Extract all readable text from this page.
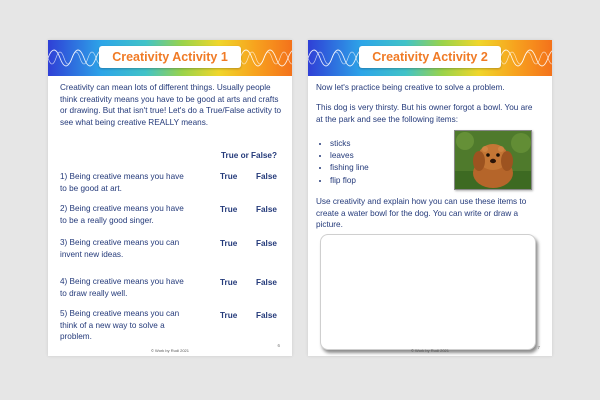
Creativity Activity 1
Creativity can mean lots of different things. Usually people think creativity means you have to be good at arts and crafts or drawing. But that isn't true! Let's do a True/False activity to see what being creative REALLY means.
True or False?
1) Being creative means you have
to be good at art.
True False
2) Being creative means you have
to be a really good singer.
True False
3) Being creative means you can
invent new ideas.
True False
4) Being creative means you have
to draw really well.
True False
5) Being creative means you can
think of a new way to solve a
problem.
True False
© Work by Rudi 2021
6
Creativity Activity 2
Now let's practice being creative to solve a problem.
This dog is very thirsty. But his owner forgot a bowl. You are at the park and see the following items:
• sticks
• leaves
• fishing line
• flip flop
Use creativity and explain how you can use these items to create a water bowl for the dog. You can write or draw a picture.
© Work by Rudi 2021
7
